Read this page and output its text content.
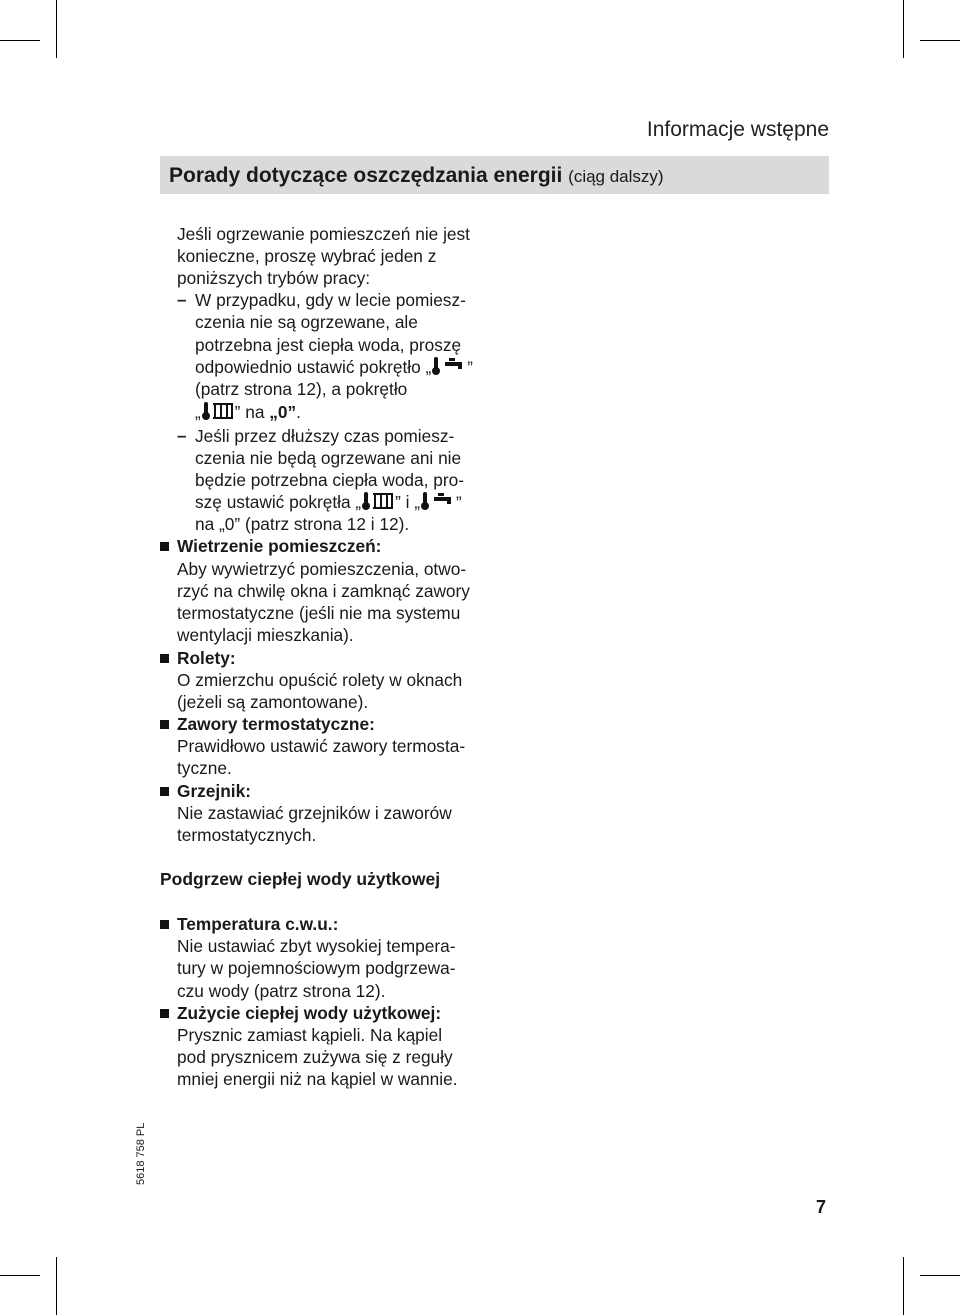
Informacje wstępne
Porady dotyczące oszczędzania energii (ciąg dalszy)
Jeśli ogrzewanie pomieszczeń nie jest
konieczne, proszę wybrać jeden z
poniższych trybów pracy:
– W przypadku, gdy w lecie pomiesz-
czenia nie są ogrzewane, ale
potrzebna jest ciepła woda, proszę
odpowiednio ustawić pokrętło „ ”
(patrz strona 12), a pokrętło
„ ” na „0”.
– Jeśli przez dłuższy czas pomiesz-
czenia nie będą ogrzewane ani nie
będzie potrzebna ciepła woda, pro-
szę ustawić pokrętła „ ” i „ ”
na „0” (patrz strona 12 i 12).
Wietrzenie pomieszczeń:
Aby wywietrzyć pomieszczenia, otwo-
rzyć na chwilę okna i zamknąć zawory
termostatyczne (jeśli nie ma systemu
wentylacji mieszkania).
Rolety:
O zmierzchu opuścić rolety w oknach
(jeżeli są zamontowane).
Zawory termostatyczne:
Prawidłowo ustawić zawory termosta-
tyczne.
Grzejnik:
Nie zastawiać grzejników i zaworów
termostatycznych.
Podgrzew ciepłej wody użytkowej
Temperatura c.w.u.:
Nie ustawiać zbyt wysokiej tempera-
tury w pojemnościowym podgrzewa-
czu wody (patrz strona 12).
Zużycie ciepłej wody użytkowej:
Prysznic zamiast kąpieli. Na kąpiel
pod prysznicem zużywa się z reguły
mniej energii niż na kąpiel w wannie.
5618 758 PL
7
